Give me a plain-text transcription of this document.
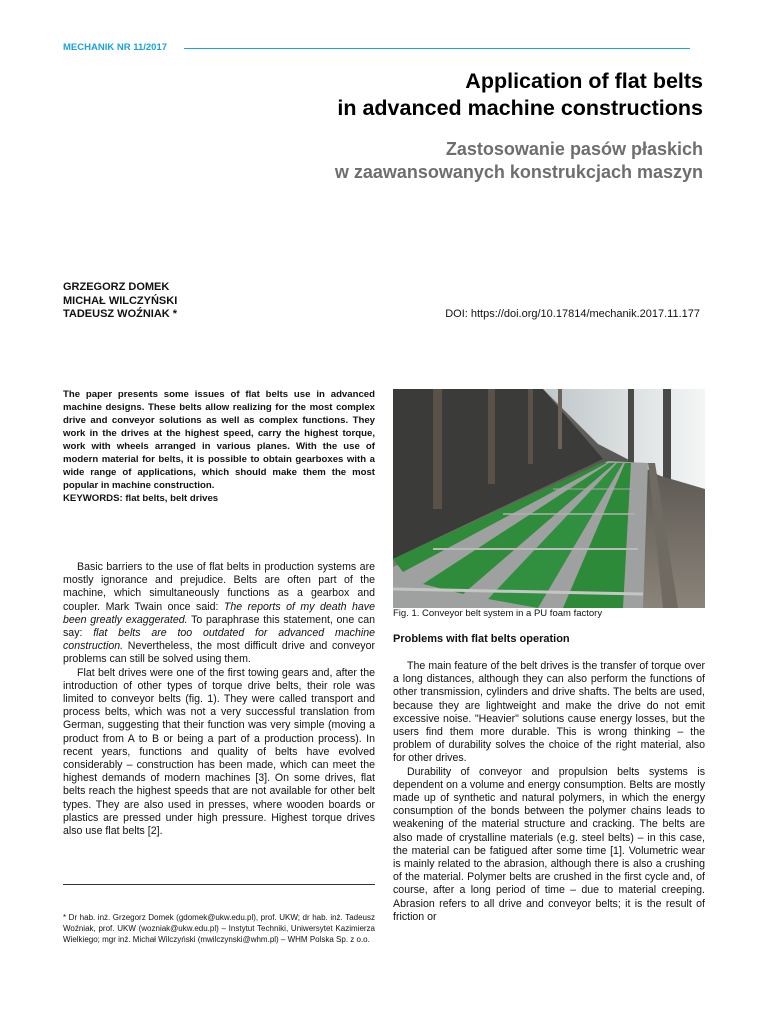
MECHANIK NR 11/2017
Application of flat belts
in advanced machine constructions
Zastosowanie pasów płaskich
w zaawansowanych konstrukcjach maszyn
GRZEGORZ DOMEK
MICHAŁ WILCZYŃSKI
TADEUSZ WOŹNIAK *	DOI: https://doi.org/10.17814/mechanik.2017.11.177
The paper presents some issues of flat belts use in advanced machine designs. These belts allow realizing for the most complex drive and conveyor solutions as well as complex functions. They work in the drives at the highest speed, carry the highest torque, work with wheels arranged in various planes. With the use of modern material for belts, it is possible to obtain gearboxes with a wide range of applications, which should make them the most popular in machine construction.
KEYWORDS: flat belts, belt drives

Basic barriers to the use of flat belts in production systems are mostly ignorance and prejudice. Belts are often part of the machine, which simultaneously functions as a gearbox and coupler. Mark Twain once said: The reports of my death have been greatly exaggerated. To paraphrase this statement, one can say: flat belts are too outdated for advanced machine construction. Nevertheless, the most difficult drive and conveyor problems can still be solved using them.

Flat belt drives were one of the first towing gears and, after the introduction of other types of torque drive belts, their role was limited to conveyor belts (fig. 1). They were called transport and process belts, which was not a very successful translation from German, suggesting that their function was very simple (moving a product from A to B or being a part of a production process). In recent years, functions and quality of belts have evolved considerably – construction has been made, which can meet the highest demands of modern machines [3]. On some drives, flat belts reach the highest speeds that are not available for other belt types. They are also used in presses, where wooden boards or plastics are pressed under high pressure. Highest torque drives also use flat belts [2].

* Dr hab. inż. Grzegorz Domek (gdomek@ukw.edu.pl), prof. UKW; dr hab. inż. Tadeusz Woźniak, prof. UKW (wozniak@ukw.edu.pl) – Instytut Techniki, Uniwersytet Kazimierza Wielkiego; mgr inż. Michał Wilczyński (mwilczynski@whm.pl) – WHM Polska Sp. z o.o.
Fig. 1. Conveyor belt system in a PU foam factory
Problems with flat belts operation

The main feature of the belt drives is the transfer of torque over a long distances, although they can also perform the functions of other transmission, cylinders and drive shafts. The belts are used, because they are lightweight and make the drive do not emit excessive noise. "Heavier" solutions cause energy losses, but the users find them more durable. This is wrong thinking – the problem of durability solves the choice of the right material, also for other drives.

Durability of conveyor and propulsion belts systems is dependent on a volume and energy consumption. Belts are mostly made up of synthetic and natural polymers, in which the energy consumption of the bonds between the polymer chains leads to weakening of the material structure and cracking. The belts are also made of crystalline materials (e.g. steel belts) – in this case, the material can be fatigued after some time [1]. Volumetric wear is mainly related to the abrasion, although there is also a crushing of the material. Polymer belts are crushed in the first cycle and, of course, after a long period of time – due to material creeping. Abrasion refers to all drive and conveyor belts; it is the result of friction or
